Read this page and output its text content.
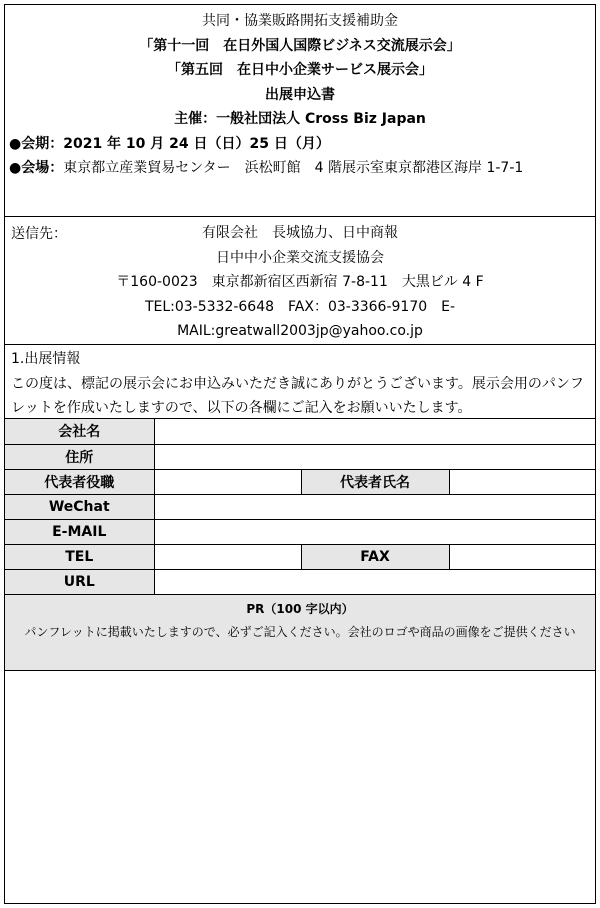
共同・協業販路開拓支援補助金
「第十一回　在日外国人国際ビジネス交流展示会」
「第五回　在日中小企業サービス展示会」
出展申込書
主催：一般社団法人 Cross Biz Japan
●会期：2021 年 10 月 24 日（日）25 日（月）
●会場：東京都立産業貿易センター　浜松町館　4 階展示室東京都港区海岸 1-7-1
送信先：	有限会社　長城協力、日中商報
日中中小企業交流支援協会
〒160-0023　東京都新宿区西新宿 7-8-11　大黒ビル 4 F
TEL:03-5332-6648　FAX：03-3366-9170　E-
MAIL:greatwall2003jp@yahoo.co.jp
1.出展情報
この度は、標記の展示会にお申込みいただき誠にありがとうございます。展示会用のパンフレットを作成いたしますので、以下の各欄にご記入をお願いいたします。
会社名			
住所			
代表者役職		代表者氏名	
WeChat			
E-MAIL			
TEL		FAX	
URL			
PR（100 字以内）
パンフレットに掲載いたしますので、必ずご記入ください。会社のロゴや商品の画像をご提供ください
